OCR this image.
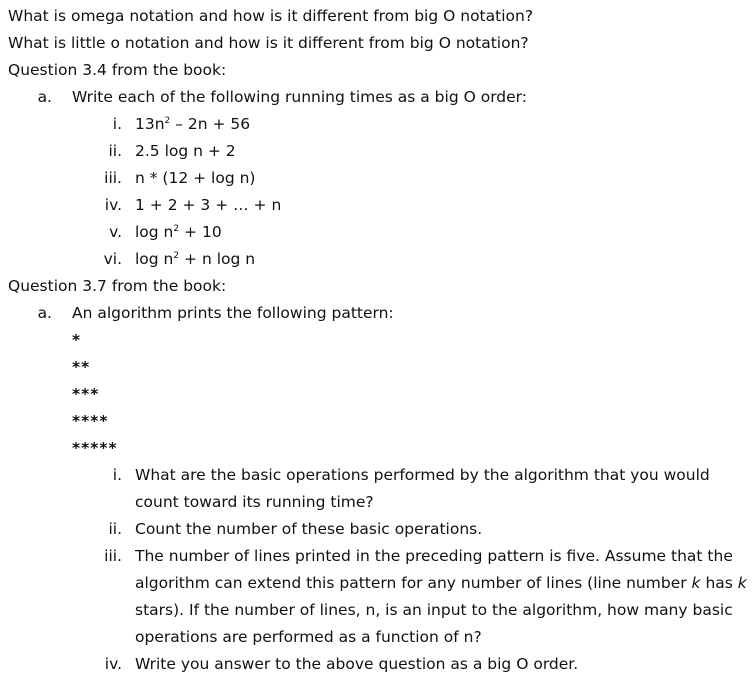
What is omega notation and how is it different from big O notation?
What is little o notation and how is it different from big O notation?
Question 3.4 from the book:
a. Write each of the following running times as a big O order:
i. $13n^2 - 2n + 56$
ii. 2.5 log n + 2
iii. n * (12 + log n)
iv. 1 + 2 + 3 + … + n
v. $\log n^2 + 10$
vi. $\log n^2 + n$ log n
Question 3.7 from the book:
a. An algorithm prints the following pattern:
*
**
***
****
*****
i. What are the basic operations performed by the algorithm that you would
count toward its running time?
ii. Count the number of these basic operations.
iii. The number of lines printed in the preceding pattern is five. Assume that the
algorithm can extend this pattern for any number of lines (line number k has k
stars). If the number of lines, n, is an input to the algorithm, how many basic
operations are performed as a function of n?
iv. Write you answer to the above question as a big O order.
